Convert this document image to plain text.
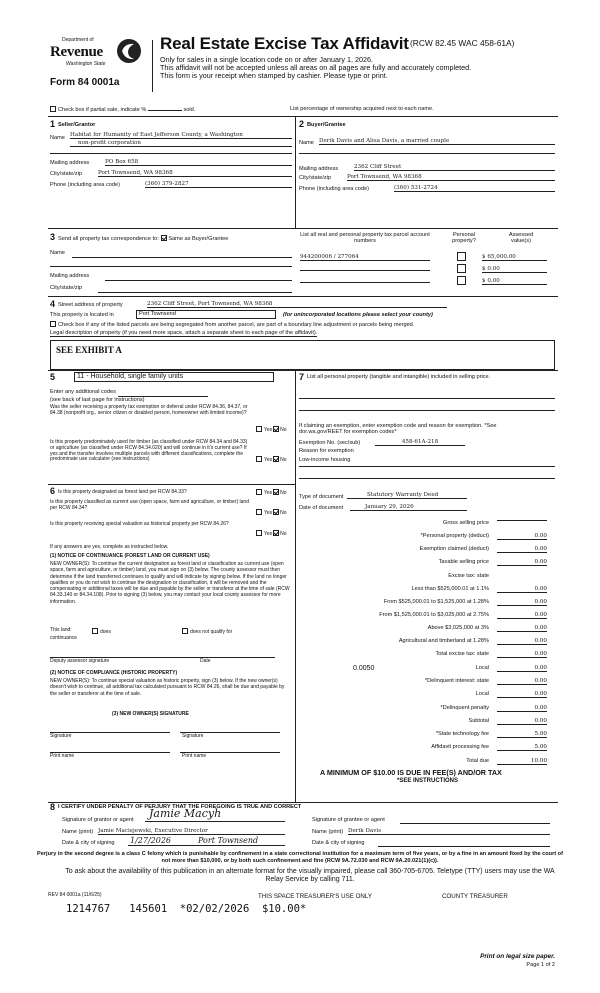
Department of
Revenue
Washington State
Form 84 0001a
Real Estate Excise Tax Affidavit (RCW 82.45 WAC 458-61A)
Only for sales in a single location code on or after January 1, 2026.
This affidavit will not be accepted unless all areas on all pages are fully and accurately completed.
This form is your receipt when stamped by cashier. Please type or print.
Check box if partial sale, indicate %	sold.	List percentage of ownership acquired next to each name.
1 Seller/Grantor
Name Habitat for Humanity of East Jefferson County, a Washington
non-profit corporation
Mailing address	PO Box 658
City/state/zip	Port Townsend, WA 98368
Phone (including area code)	(360) 379-2827
2 Buyer/Grantee
Name Derik Davis and Alisa Davis, a married couple
Mailing address	2362 Cliff Street
City/state/zip	Port Townsend, WA 98368
Phone (including area code)	(360) 531-2724
3 Send all property tax correspondence to: Same as Buyer/Grantee
Name
Mailing address
City/state/zip
List all real and personal property tax parcel account numbers
Personal property?
Assessed value(s)
944200006 / 277064	$ 65,000.00
$ 0.00
$ 0.00
4 Street address of property	2362 Cliff Street, Port Townsend, WA 98368
This property is located in	Port Townsend	(for unincorporated locations please select your county)
Check box if any of the listed parcels are being segregated from another parcel, are part of a boundary line adjustment or parcels being merged.
Legal description of property (if you need more space, attach a separate sheet to each page of the affidavit).
SEE EXHIBIT A
5	11 - Household, single family units
Enter any additional codes
(see back of last page for instructions)
Was the seller receiving a property tax exemption or deferral under RCW 84.36, 84.37, or 84.38 (nonprofit org., senior citizen or disabled person, homeowner with limited income)?
Yes No
Is this property predominately used for timber (as classified under RCW 84.34 and 84.33) or agriculture (as classified under RCW 84.34.020) and will continue in it's current use? If yes and the transfer involves multiple parcels with different classifications, complete the predominate use calculator (see instructions)	Yes No
6 Is this property designated as forest land per RCW 84.33?	Yes No
Is this property classified as current use (open space, farm and agriculture, or timber) land per RCW 84.34?
Yes No
Is this property receiving special valuation as historical property per RCW 84.26?
Yes No
If any answers are yes, complete as instructed below.
(1) NOTICE OF CONTINUANCE (FOREST LAND OR CURRENT USE)
NEW OWNER(S): To continue the current designation as forest land or classification as current use (open space, farm and agriculture, or timber) land, you must sign on (3) below. The county assessor must then determine if the land transferred continues to qualify and will indicate by signing below. If the land no longer qualifies or you do not wish to continue the designation or classification, it will be removed and the compensating or additional taxes will be due and payable by the seller or transferor at the time of sale (RCW 84.33.140 or 84.34.108). Prior to signing (3) below, you may contact your local county assessor for more information.
This land:	does	does not qualify for
continuance
Deputy assessor signature	Date
(2) NOTICE OF COMPLIANCE (HISTORIC PROPERTY)
NEW OWNER(S): To continue special valuation as historic property, sign (3) below. If the new owner(s) doesn't wish to continue, all additional tax calculated pursuant to RCW 84.26, shall be due and payable by the seller or transferor at the time of sale.
(3) NEW OWNER(S) SIGNATURE
Signature	Signature
Print name	Print name
7 List all personal property (tangible and intangible) included in selling price.
If claiming an exemption, enter exemption code and reason for exemption. *See dor.wa.gov/REET for exemption codes*
Exemption No. (sec/sub)	458-61A-218
Reason for exemption
Low-income housing
Type of document	Statutory Warranty Deed
Date of document	January 29, 2026
Gross selling price
*Personal property (deduct)	0.00
Exemption claimed (deduct)	0.00
Taxable selling price	0.00
Excise tax: state
Less than $525,000.01 at 1.1%	0.00
From $525,000.01 to $1,525,000 at 1.28%	0.00
From $1,525,000.01 to $3,025,000 at 2.75%	0.00
Above $3,025,000 at 3%	0.00
Agricultural and timberland at 1.28%	0.00
Total excise tax: state	0.00
0.0050	Local	0.00
*Delinquent interest: state	0.00
Local	0.00
*Delinquent penalty	0.00
Subtotal	0.00
*State technology fee	5.00
Affidavit processing fee	5.00
Total due	10.00
A MINIMUM OF $10.00 IS DUE IN FEE(S) AND/OR TAX
*SEE INSTRUCTIONS
8 I CERTIFY UNDER PENALTY OF PERJURY THAT THE FOREGOING IS TRUE AND CORRECT
Signature of grantor or agent Jamie Macyh
Name (print) Jamie Maciejewski, Executive Director
Date & city of signing 1/27/2026	Port Townsend
Signature of grantee or agent
Name (print) Derik Davis
Date & city of signing
Perjury in the second degree is a class C felony which is punishable by confinement in a state correctional institution for a maximum term of five years, or by a fine in an amount fixed by the court of not more than $10,000, or by both such confinement and fine (RCW 9A.72.030 and RCW 9A.20.021(1)(c)).
To ask about the availability of this publication in an alternate format for the visually impaired, please call 360-705-6705. Teletype (TTY) users may use the WA Relay Service by calling 711.
REV 84 0001a (11/6/25)	THIS SPACE TREASURER'S USE ONLY	COUNTY TREASURER
1214767   145601  *02/02/2026  $10.00*
Print on legal size paper.
Page 1 of 2
